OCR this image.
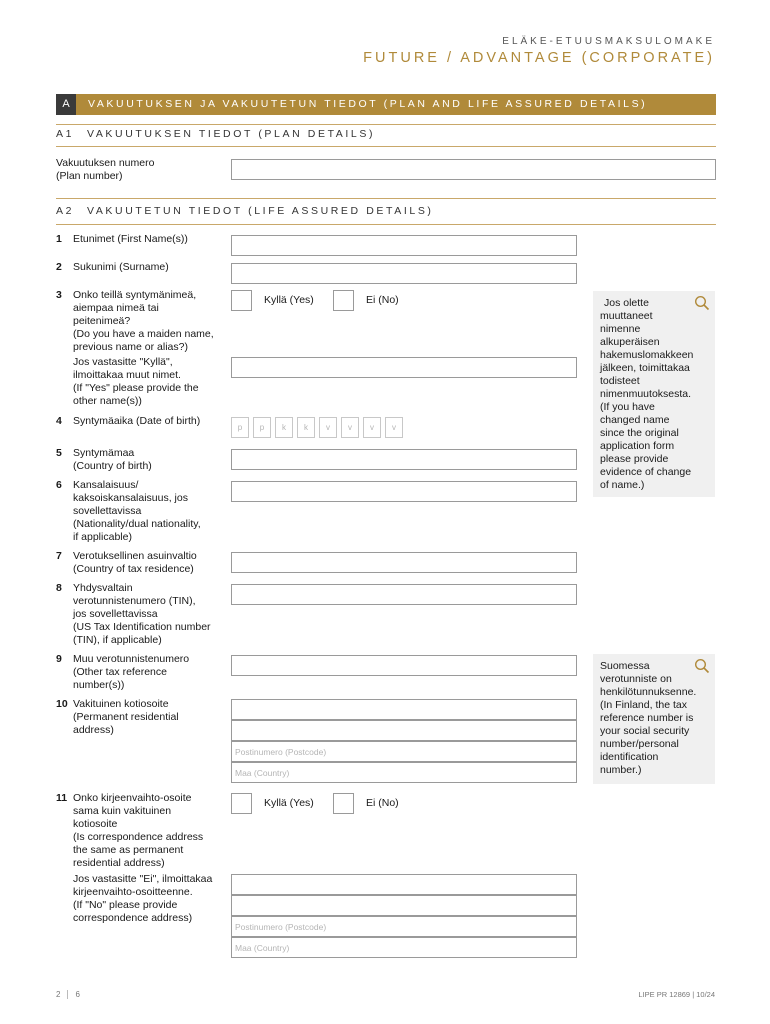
ELÄKE-ETUUSMAKSULOMAKE
FUTURE / ADVANTAGE (CORPORATE)
A	VAKUUTUKSEN JA VAKUUTETUN TIEDOT (PLAN AND LIFE ASSURED DETAILS)
A1 VAKUUTUKSEN TIEDOT (PLAN DETAILS)
Vakuutuksen numero
(Plan number)
A2 VAKUUTETUN TIEDOT (LIFE ASSURED DETAILS)
1 Etunimet (First Name(s))
2 Sukunimi (Surname)
3 Onko teillä syntymänimeä,
aiempaa nimeä tai
peitenimeä?
(Do you have a maiden name,
previous name or alias?)
Kyllä (Yes)	Ei (No)
Jos vastasitte "Kyllä",
ilmoittakaa muut nimet.
(If "Yes" please provide the
other name(s))
4 Syntymäaika (Date of birth)
p	p	k	k	v	v	v	v
5 Syntymämaa
(Country of birth)
6 Kansalaisuus/
kaksoiskansalaisuus, jos
sovellettavissa
(Nationality/dual nationality,
if applicable)
7 Verotuksellinen asuinvaltio
(Country of tax residence)
8 Yhdysvaltain
verotunnistenumero (TIN),
jos sovellettavissa
(US Tax Identification number
(TIN), if applicable)
9 Muu verotunnistenumero
(Other tax reference
number(s))
10 Vakituinen kotiosoite
(Permanent residential
address)
Postinumero (Postcode)
Maa (Country)
11 Onko kirjeenvaihto-osoite
sama kuin vakituinen
kotiosoite
(Is correspondence address
the same as permanent
residential address)
Kyllä (Yes)	Ei (No)
Jos vastasitte "Ei", ilmoittakaa
kirjeenvaihto-osoitteenne.
(If "No" please provide
correspondence address)
Postinumero (Postcode)
Maa (Country)
Jos olette
muuttaneet
nimenne
alkuperäisen
hakemuslomakkeen
jälkeen, toimittakaa
todisteet
nimenmuutoksesta.
(If you have
changed name
since the original
application form
please provide
evidence of change
of name.)
Suomessa
verotunniste on
henkilötunnuksenne.
(In Finland, the tax
reference number is
your social security
number/personal
identification
number.)
2 6	LIPE PR 12869 | 10/24
